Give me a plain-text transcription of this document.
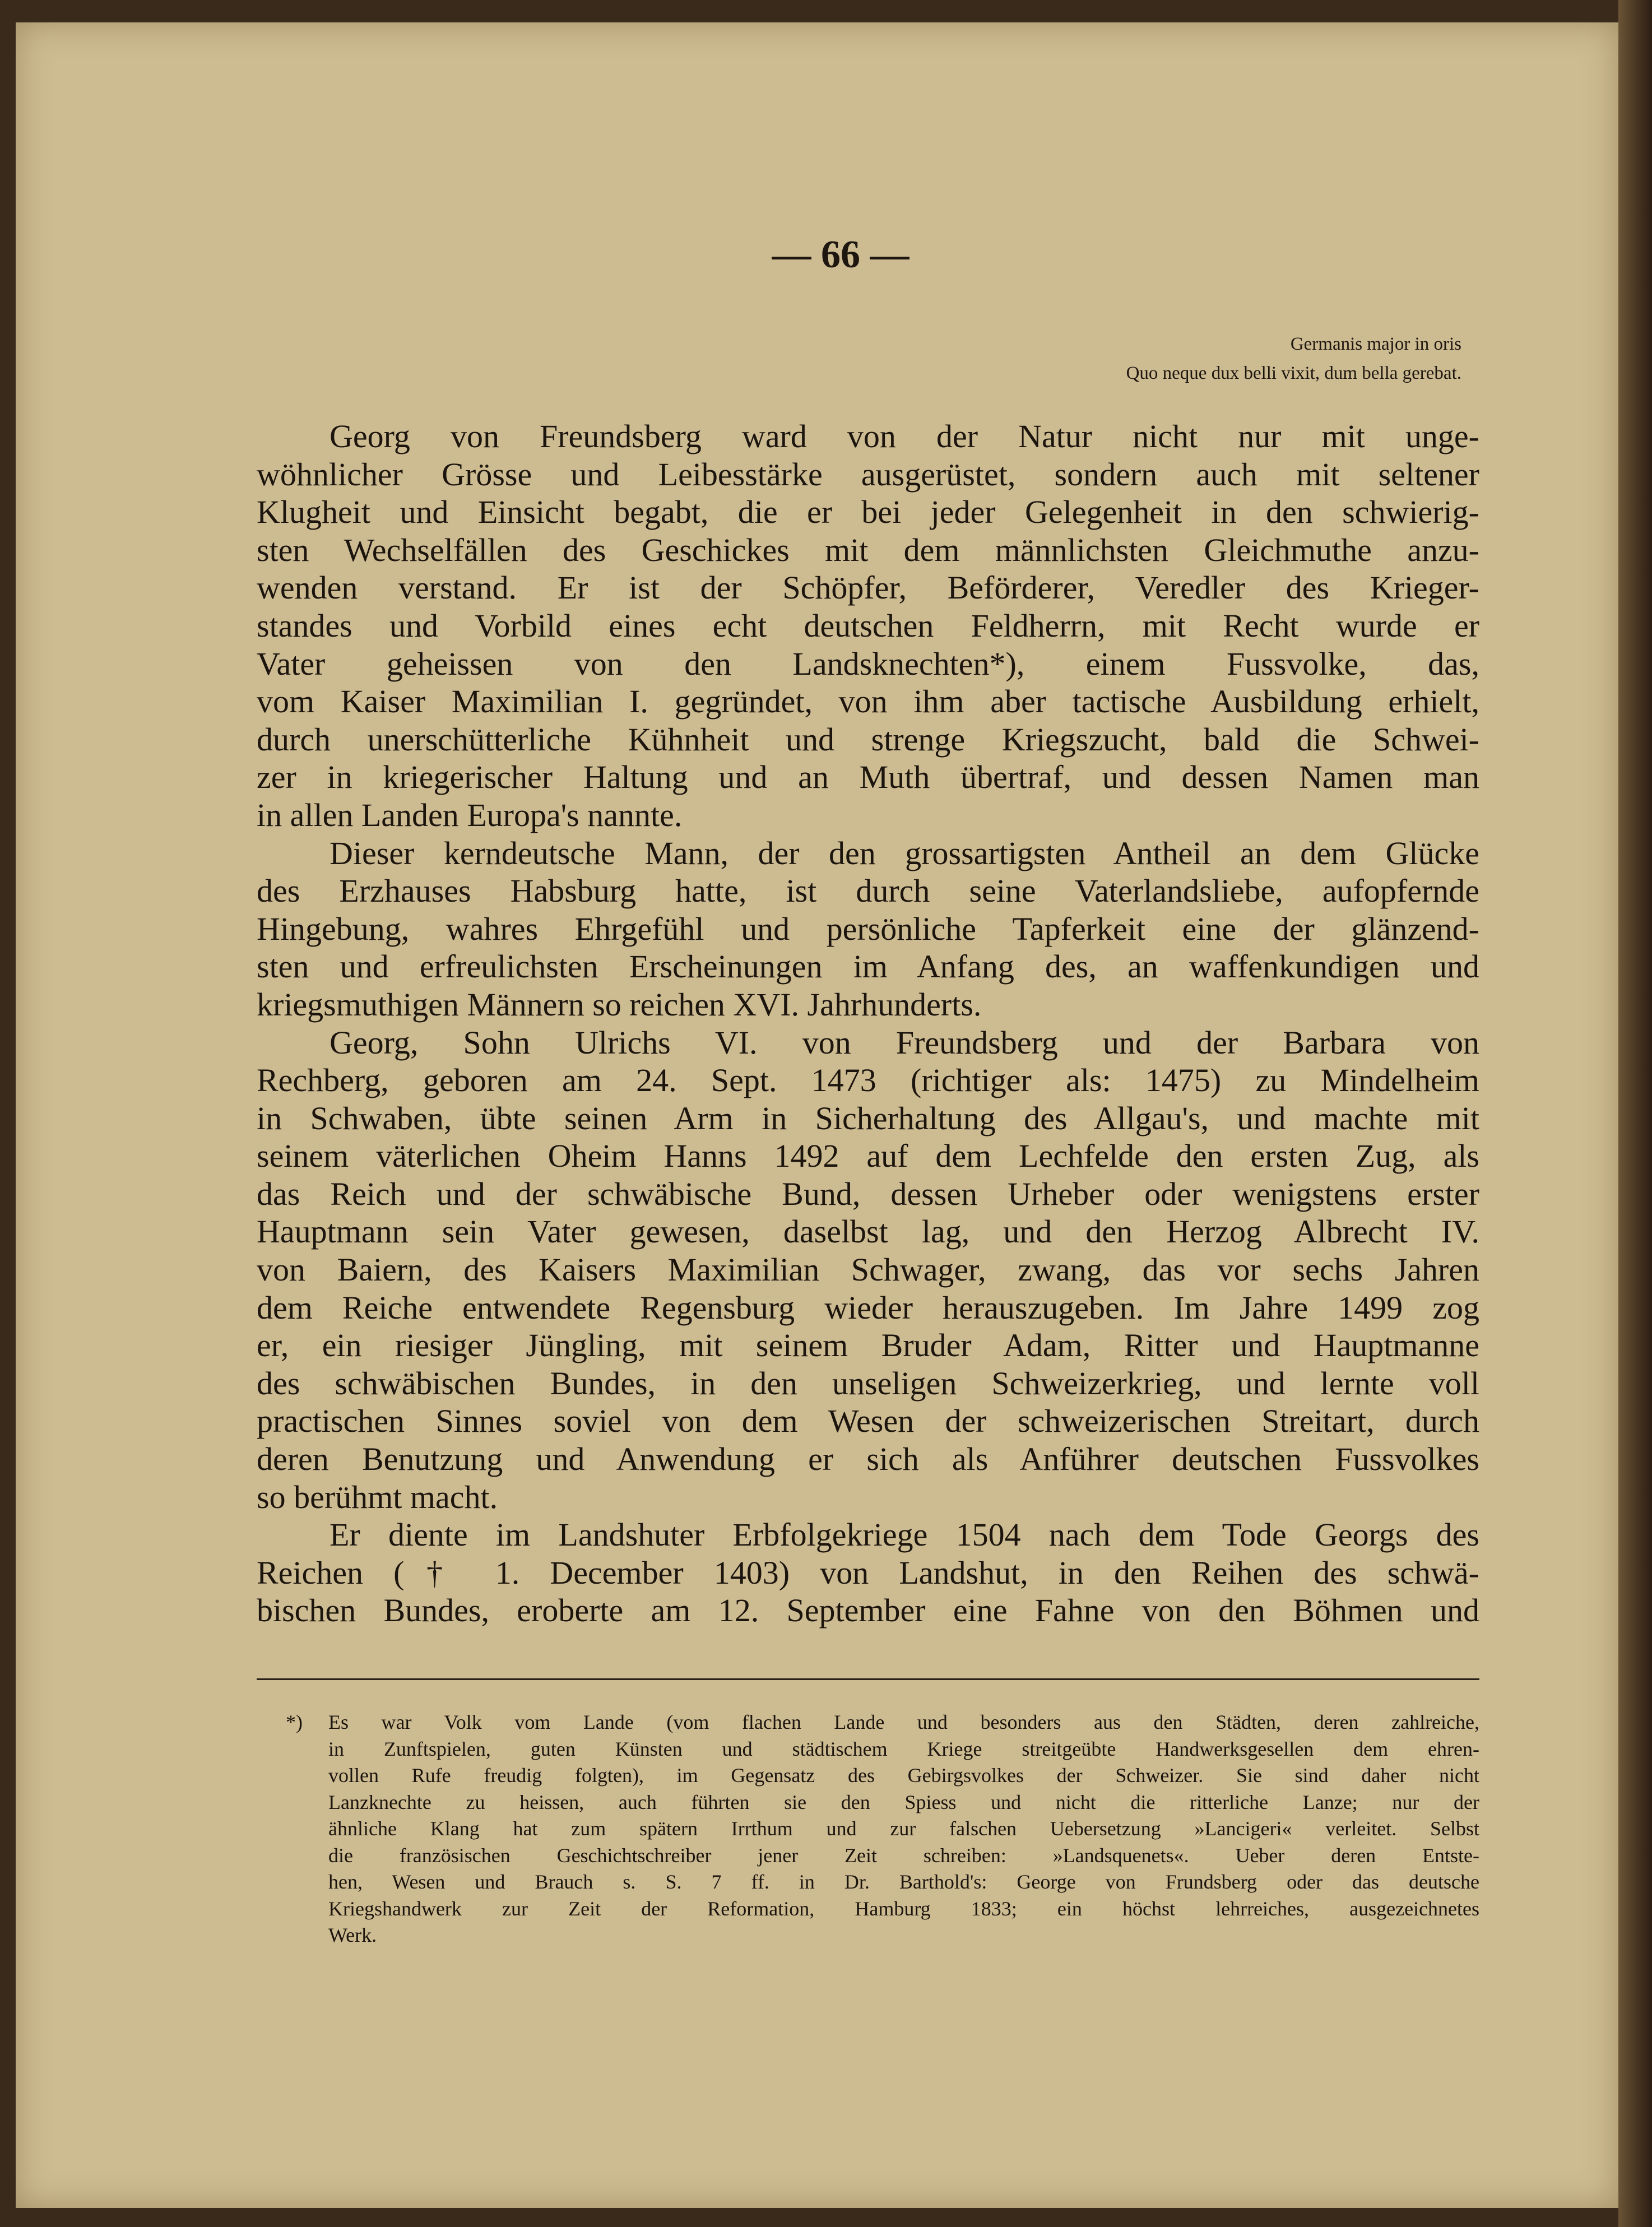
— 66 —
Germanis major in oris
Quo neque dux belli vixit, dum bella gerebat.
Georg von Freundsberg ward von der Natur nicht nur mit unge-
wöhnlicher Grösse und Leibesstärke ausgerüstet, sondern auch mit seltener
Klugheit und Einsicht begabt, die er bei jeder Gelegenheit in den schwierig-
sten Wechselfällen des Geschickes mit dem männlichsten Gleichmuthe anzu-
wenden verstand. Er ist der Schöpfer, Beförderer, Veredler des Krieger-
standes und Vorbild eines echt deutschen Feldherrn, mit Recht wurde er
Vater geheissen von den Landsknechten*), einem Fussvolke, das,
vom Kaiser Maximilian I. gegründet, von ihm aber tactische Ausbildung erhielt,
durch unerschütterliche Kühnheit und strenge Kriegszucht, bald die Schwei-
zer in kriegerischer Haltung und an Muth übertraf, und dessen Namen man
in allen Landen Europa's nannte.
Dieser kerndeutsche Mann, der den grossartigsten Antheil an dem Glücke
des Erzhauses Habsburg hatte, ist durch seine Vaterlandsliebe, aufopfernde
Hingebung, wahres Ehrgefühl und persönliche Tapferkeit eine der glänzend-
sten und erfreulichsten Erscheinungen im Anfang des, an waffenkundigen und
kriegsmuthigen Männern so reichen XVI. Jahrhunderts.
Georg, Sohn Ulrichs VI. von Freundsberg und der Barbara von
Rechberg, geboren am 24. Sept. 1473 (richtiger als: 1475) zu Mindelheim
in Schwaben, übte seinen Arm in Sicherhaltung des Allgau's, und machte mit
seinem väterlichen Oheim Hanns 1492 auf dem Lechfelde den ersten Zug, als
das Reich und der schwäbische Bund, dessen Urheber oder wenigstens erster
Hauptmann sein Vater gewesen, daselbst lag, und den Herzog Albrecht IV.
von Baiern, des Kaisers Maximilian Schwager, zwang, das vor sechs Jahren
dem Reiche entwendete Regensburg wieder herauszugeben. Im Jahre 1499 zog
er, ein riesiger Jüngling, mit seinem Bruder Adam, Ritter und Hauptmanne
des schwäbischen Bundes, in den unseligen Schweizerkrieg, und lernte voll
practischen Sinnes soviel von dem Wesen der schweizerischen Streitart, durch
deren Benutzung und Anwendung er sich als Anführer deutschen Fussvolkes
so berühmt macht.
Er diente im Landshuter Erbfolgekriege 1504 nach dem Tode Georgs des
Reichen († 1. December 1403) von Landshut, in den Reihen des schwä-
bischen Bundes, eroberte am 12. September eine Fahne von den Böhmen und
*) Es war Volk vom Lande (vom flachen Lande und besonders aus den Städten, deren zahlreiche,
in Zunftspielen, guten Künsten und städtischem Kriege streitgeübte Handwerksgesellen dem ehren-
vollen Rufe freudig folgten), im Gegensatz des Gebirgsvolkes der Schweizer. Sie sind daher nicht
Lanzknechte zu heissen, auch führten sie den Spiess und nicht die ritterliche Lanze; nur der
ähnliche Klang hat zum spätern Irrthum und zur falschen Uebersetzung »Lancigeri« verleitet. Selbst
die französischen Geschichtschreiber jener Zeit schreiben: »Landsquenets«. Ueber deren Entste-
hen, Wesen und Brauch s. S. 7 ff. in Dr. Barthold's: George von Frundsberg oder das deutsche
Kriegshandwerk zur Zeit der Reformation, Hamburg 1833; ein höchst lehrreiches, ausgezeichnetes
Werk.
